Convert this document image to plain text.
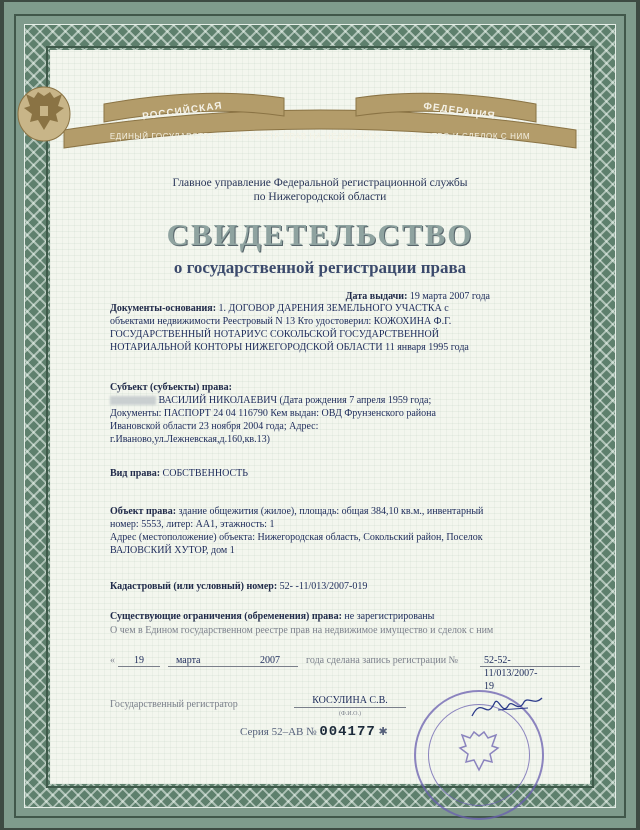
РОССИЙСКАЯ	ФЕДЕРАЦИЯ
ЕДИНЫЙ ГОСУДАРСТВЕННЫЙ РЕЕСТР ПРАВ НА НЕДВИЖИМОЕ ИМУЩЕСТВО И СДЕЛОК С НИМ
Главное управление Федеральной регистрационной службы
по Нижегородской области
СВИДЕТЕЛЬСТВО
о государственной регистрации права
Дата выдачи: 19 марта 2007 года
Документы-основания: 1. ДОГОВОР ДАРЕНИЯ ЗЕМЕЛЬНОГО УЧАСТКА с
объектами недвижимости Реестровый N 13 Кто удостоверил: КОЖОХИНА Ф.Г.
ГОСУДАРСТВЕННЫЙ НОТАРИУС СОКОЛЬСКОЙ ГОСУДАРСТВЕННОЙ
НОТАРИАЛЬНОЙ КОНТОРЫ НИЖЕГОРОДСКОЙ ОБЛАСТИ 11 января 1995 года
Субъект (субъекты) права:
ВАСИЛИЙ НИКОЛАЕВИЧ (Дата рождения 7 апреля 1959 года;
Документы: ПАСПОРТ 24 04 116790 Кем выдан: ОВД Фрунзенского района
Ивановской области 23 ноября 2004 года; Адрес:
г.Иваново,ул.Лежневская,д.160,кв.13)
Вид права: СОБСТВЕННОСТЬ
Объект права: здание общежития (жилое), площадь: общая 384,10 кв.м., инвентарный
номер: 5553, литер: АА1, этажность: 1
Адрес (местоположение) объекта: Нижегородская область, Сокольский район, Поселок
ВАЛОВСКИЙ ХУТОР, дом 1
Кадастровый (или условный) номер: 52- -11/013/2007-019
Существующие ограничения (обременения) права: не зарегистрированы
О чем в Едином государственном реестре прав на недвижимое имущество и сделок с ним
« 19	марта	2007	года сделана запись регистрации №	52-52-11/013/2007-19
Государственный регистратор	КОСУЛИНА С.В.
(Ф.И.О.)
Серия 52–АВ № 004177 ✱
